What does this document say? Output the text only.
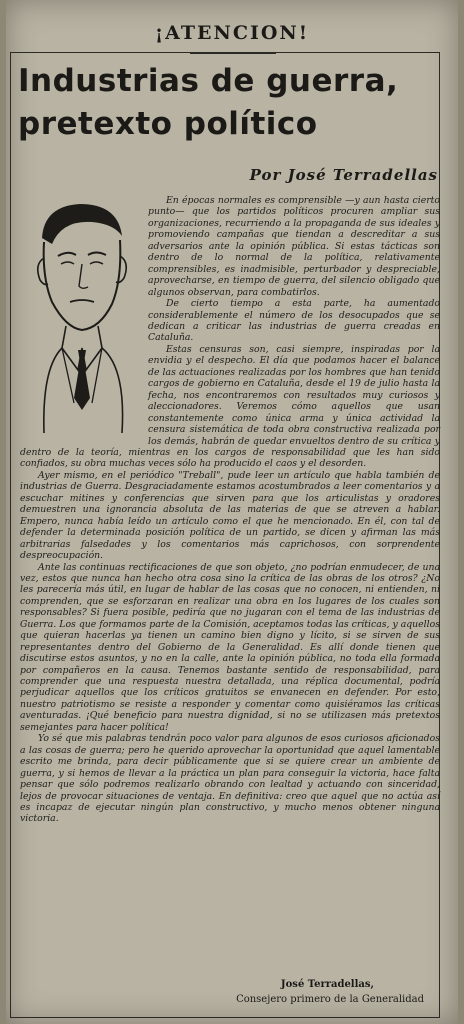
¡ATENCION!
Industrias de guerra, pretexto político
Por José Terradellas

En épocas normales es comprensible —y aun hasta cierto punto— que los partidos políticos procuren ampliar sus organizaciones, recurriendo a la propaganda de sus ideales y promoviendo campañas que tiendan a descreditar a sus adversarios ante la opinión pública. Si estas tácticas son dentro de lo normal de la política, relativamente comprensibles, es inadmisible, perturbador y despreciable, aprovecharse, en tiempo de guerra, del silencio obligado que algunos observan, para combatirlos.

De cierto tiempo a esta parte, ha aumentado considerablemente el número de los desocupados que se dedican a criticar las industrias de guerra creadas en Cataluña.

Estas censuras son, casi siempre, inspiradas por la envidia y el despecho. El día que podamos hacer el balance de las actuaciones realizadas por los hombres que han tenido cargos de gobierno en Cataluña, desde el 19 de julio hasta la fecha, nos encontraremos con resultados muy curiosos y aleccionadores. Veremos cómo aquellos que usan constantemente como única arma y única actividad la censura sistemática de toda obra constructiva realizada por los demás, habrán de quedar envueltos dentro de su crítica y dentro de la teoría, mientras en los cargos de responsabilidad que les han sido confiados, su obra muchas veces sólo ha producido el caos y el desorden.

Ayer mismo, en el periódico "Treball", pude leer un artículo que habla también de industrias de Guerra. Desgraciadamente estamos acostumbrados a leer comentarios y a escuchar mitines y conferencias que sirven para que los articulistas y oradores demuestren una ignorancia absoluta de las materias de que se atreven a hablar. Empero, nunca había leído un artículo como el que he mencionado. En él, con tal de defender la determinada posición política de un partido, se dicen y afirman las más arbitrarias falsedades y los comentarios más caprichosos, con sorprendente despreocupación.

Ante las continuas rectificaciones de que son objeto, ¿no podrían enmudecer, de una vez, estos que nunca han hecho otra cosa sino la crítica de las obras de los otros? ¿No les parecería más útil, en lugar de hablar de las cosas que no conocen, ni entienden, ni comprenden, que se esforzaran en realizar una obra en los lugares de los cuales son responsables? Si fuera posible, pediría que no jugaran con el tema de las industrias de Guerra. Los que formamos parte de la Comisión, aceptamos todas las críticas, y aquellos que quieran hacerlas ya tienen un camino bien digno y lícito, si se sirven de sus representantes dentro del Gobierno de la Generalidad. Es allí donde tienen que discutirse estos asuntos, y no en la calle, ante la opinión pública, no toda ella formada por compañeros en la causa. Tenemos bastante sentido de responsabilidad, para comprender que una respuesta nuestra detallada, una réplica documental, podría perjudicar aquellos que los críticos gratuitos se envanecen en defender. Por esto, nuestro patriotismo se resiste a responder y comentar como quisiéramos las críticas aventuradas. ¡Qué beneficio para nuestra dignidad, si no se utilizasen más pretextos semejantes para hacer política!

Yo sé que mis palabras tendrán poco valor para algunos de esos curiosos aficionados a las cosas de guerra; pero he querido aprovechar la oportunidad que aquel lamentable escrito me brinda, para decir públicamente que si se quiere crear un ambiente de guerra, y si hemos de llevar a la práctica un plan para conseguir la victoria, hace falta pensar que sólo podremos realizarlo obrando con lealtad y actuando con sinceridad, lejos de provocar situaciones de ventaja. En definitiva: creo que aquel que no actúa así es incapaz de ejecutar ningún plan constructivo, y mucho menos obtener ninguna victoria.

José Terradellas,
Consejero primero de la Generalidad
